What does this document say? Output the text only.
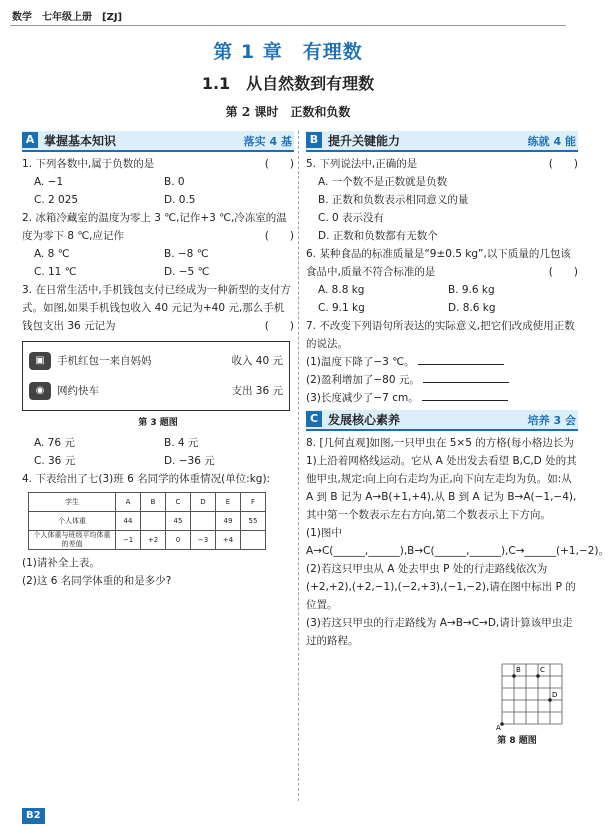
数学　七年级上册　[ZJ]
第 1 章　有理数
1.1　从自然数到有理数
第 2 课时　正数和负数
A 掌握基本知识	落实 4 基

1. 下列各数中,属于负数的是	(　　)

A. −1	B. 0
C. 2 025	D. 0.5

2. 冰箱冷藏室的温度为零上 3 ℃,记作+3 ℃,冷冻室的温度为零下 8 ℃,应记作	(　　)

A. 8 ℃	B. −8 ℃
C. 11 ℃	D. −5 ℃

3. 在日常生活中,手机钱包支付已经成为一种新型的支付方式。如图,如果手机钱包收入 40 元记为+40 元,那么手机钱包支出 36 元记为	(　　)

▣	手机红包一来自妈妈	收入 40 元
◉	网约快车	支出 36 元
第 3 题图
A. 76 元	B. 4 元
C. 36 元	D. −36 元

4. 下表给出了七(3)班 6 名同学的体重情况(单位:kg):

学生	A	B	C	D	E	F
个人体重	44		45		49	55
个人体重与班级平均体重的差值	−1	+2	0	−3	+4	

(1)请补全上表。

(2)这 6 名同学体重的和是多少?

B 提升关键能力	练就 4 能

5. 下列说法中,正确的是	(　　)

A. 一个数不是正数就是负数
B. 正数和负数表示相同意义的量
C. 0 表示没有
D. 正数和负数都有无数个

6. 某种食品的标准质量是“9±0.5 kg”,以下质量的几包该食品中,质量不符合标准的是	(　　)

A. 8.8 kg	B. 9.6 kg
C. 9.1 kg	D. 8.6 kg

7. 不改变下列语句所表达的实际意义,把它们改成使用正数的说法。

(1)温度下降了−3 ℃。
(2)盈利增加了−80 元。
(3)长度减少了−7 cm。
C 发展核心素养	培养 3 会

8. [几何直观]如图,一只甲虫在 5×5 的方格(每小格边长为 1)上沿着网格线运动。它从 A 处出发去看望 B,C,D 处的其他甲虫,规定:向上向右走均为正,向下向左走均为负。如:从 A 到 B 记为 A→B(+1,+4),从 B 到 A 记为 B→A(−1,−4),其中第一个数表示左右方向,第二个数表示上下方向。

(1)图中 A→C(______,______),B→C(______,______),C→______(+1,−2)。

(2)若这只甲虫从 A 处去甲虫 P 处的行走路线依次为(+2,+2),(+2,−1),(−2,+3),(−1,−2),请在图中标出 P 的位置。

(3)若这只甲虫的行走路线为 A→B→C→D,请计算该甲虫走过的路程。

A
B	C
D
第 8 题图
B2
